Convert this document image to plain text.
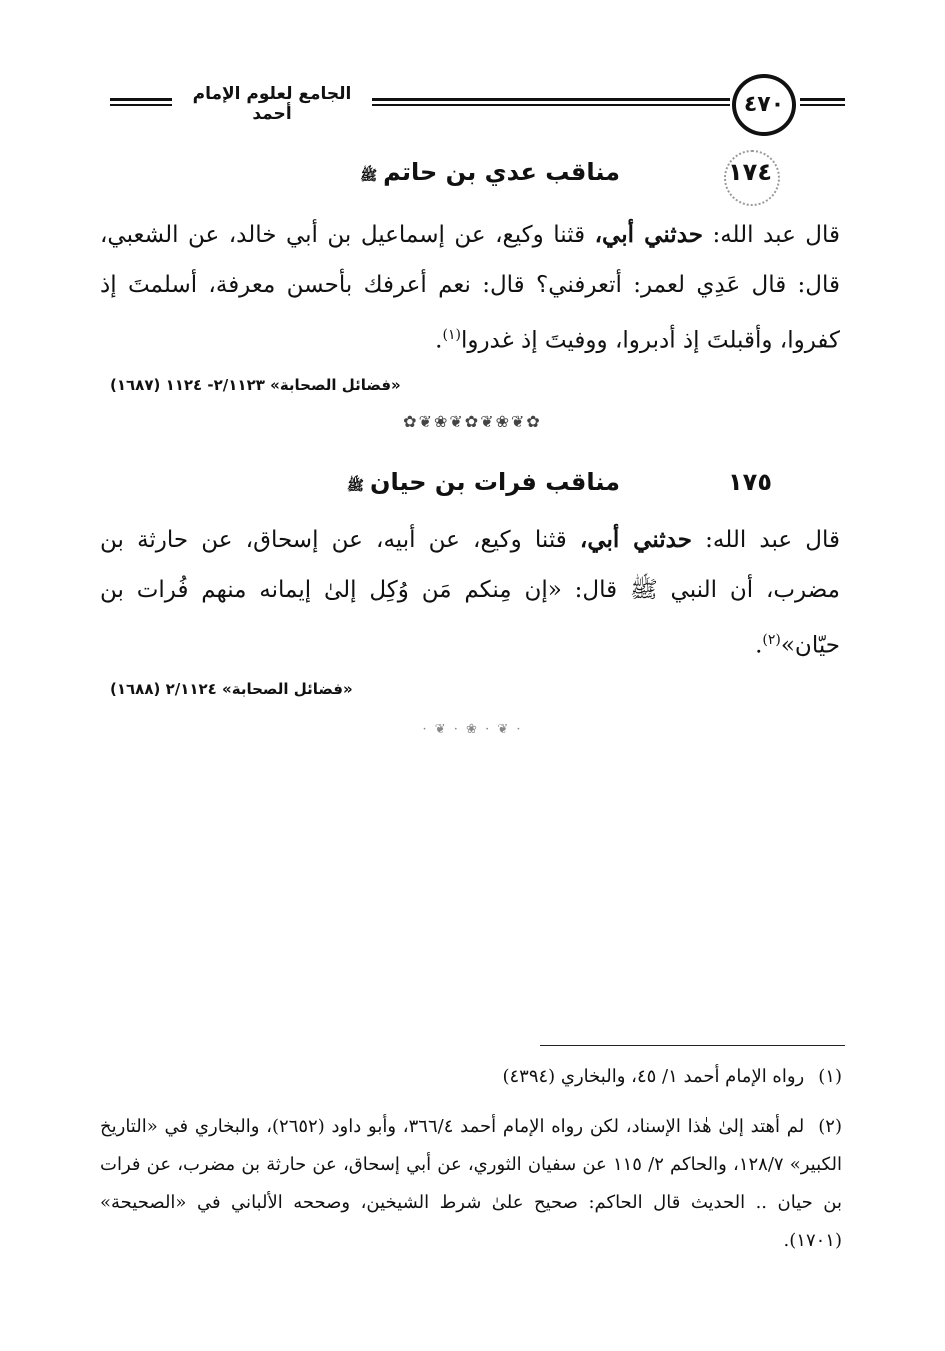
الجامع لعلوم الإمام أحمد	٤٧٠
١٧٤
مناقب عدي بن حاتمﷺ
قال عبد الله: حدثني أبي، قثنا وكيع، عن إسماعيل بن أبي خالد، عن الشعبي، قال: قال عَدِي لعمر: أتعرفني؟ قال: نعم أعرفك بأحسن معرفة، أسلمتَ إذ كفروا، وأقبلتَ إذ أدبروا، ووفيتَ إذ غدروا$^{(١)}$.
«فضائل الصحابة» ٢/١١٢٣- ١١٢٤ (١٦٨٧)
✿❦❀❦✿❦❀❦✿
١٧٥
مناقب فرات بن حيانﷺ
قال عبد الله: حدثني أبي، قثنا وكيع، عن أبيه، عن إسحاق، عن حارثة بن مضرب، أن النبي ﷺ قال: «إن مِنكم مَن وُكِل إلىٰ إيمانه منهم فُرات بن حيّان»$^{(٢)}$.
«فضائل الصحابة» ٢/١١٢٤ (١٦٨٨)
· ❦ · ❀ · ❦ ·
(١)رواه الإمام أحمد ١/ ٤٥، والبخاري (٤٣٩٤)
(٢)لم أهتد إلىٰ هٰذا الإسناد، لكن رواه الإمام أحمد ٣٦٦/٤، وأبو داود (٢٦٥٢)، والبخاري في «التاريخ الكبير» ١٢٨/٧، والحاكم ٢/ ١١٥ عن سفيان الثوري، عن أبي إسحاق، عن حارثة بن مضرب، عن فرات بن حيان .. الحديث قال الحاكم: صحيح علىٰ شرط الشيخين، وصححه الألباني في «الصحيحة» (١٧٠١).
